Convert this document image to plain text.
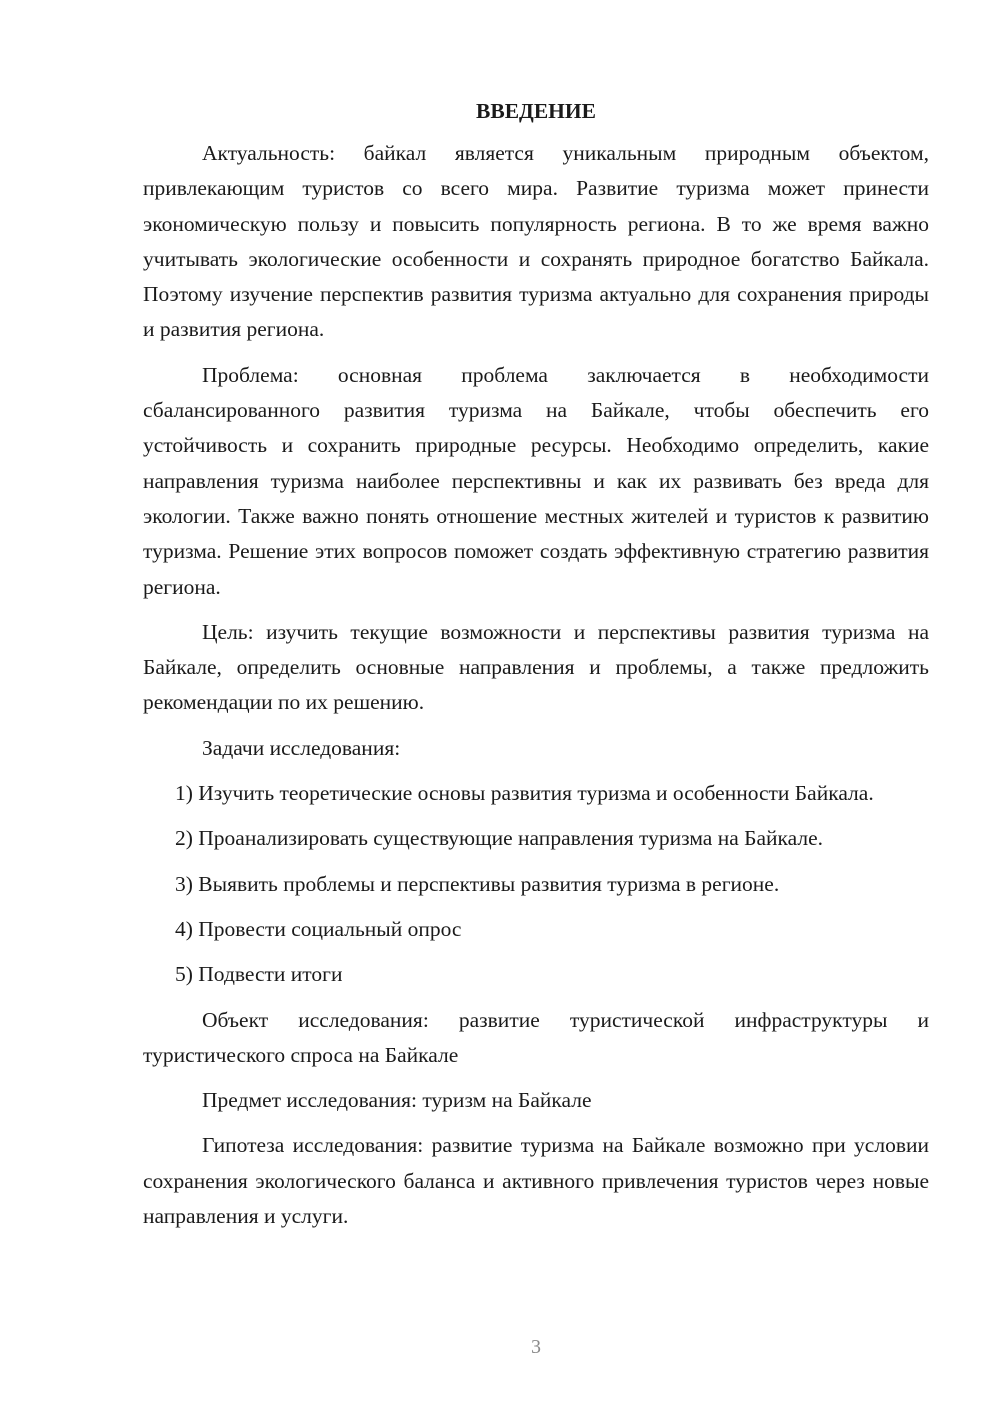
ВВЕДЕНИЕ

Актуальность: байкал является уникальным природным объектом, привлекающим туристов со всего мира. Развитие туризма может принести экономическую пользу и повысить популярность региона. В то же время важно учитывать экологические особенности и сохранять природное богатство Байкала. Поэтому изучение перспектив развития туризма актуально для сохранения природы и развития региона.

Проблема: основная проблема заключается в необходимости сбалансированного развития туризма на Байкале, чтобы обеспечить его устойчивость и сохранить природные ресурсы. Необходимо определить, какие направления туризма наиболее перспективны и как их развивать без вреда для экологии. Также важно понять отношение местных жителей и туристов к развитию туризма. Решение этих вопросов поможет создать эффективную стратегию развития региона.

Цель: изучить текущие возможности и перспективы развития туризма на Байкале, определить основные направления и проблемы, а также предложить рекомендации по их решению.

Задачи исследования:

1) Изучить теоретические основы развития туризма и особенности Байкала.

2) Проанализировать существующие направления туризма на Байкале.

3) Выявить проблемы и перспективы развития туризма в регионе.

4) Провести социальный опрос

5) Подвести итоги

Объект исследования: развитие туристической инфраструктуры и туристического спроса на Байкале

Предмет исследования: туризм на Байкале

Гипотеза исследования: развитие туризма на Байкале возможно при условии сохранения экологического баланса и активного привлечения туристов через новые направления и услуги.

3
